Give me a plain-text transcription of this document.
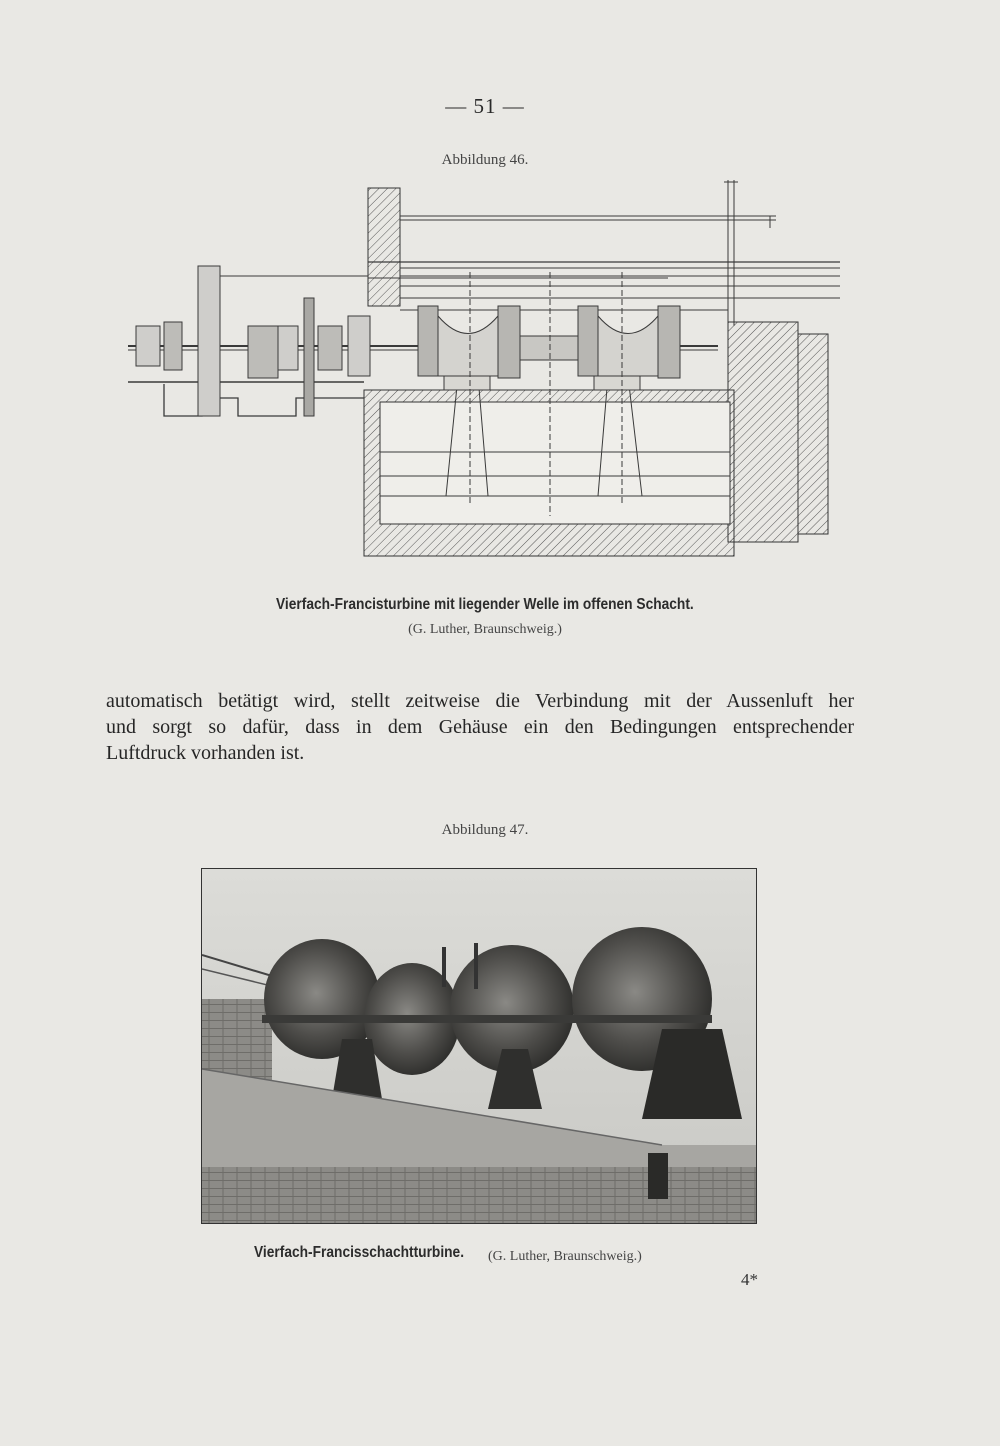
— 51 —
Abbildung 46.
Vierfach-Francisturbine mit liegender Welle im offenen Schacht.
(G. Luther, Braunschweig.)
automatisch betätigt wird, stellt zeitweise die Verbindung mit der Aussenluft her
und sorgt so dafür, dass in dem Gehäuse ein den Bedingungen entsprechender
Luftdruck vorhanden ist.
Abbildung 47.
Vierfach-Francisschachtturbine.	(G. Luther, Braunschweig.)
4*
